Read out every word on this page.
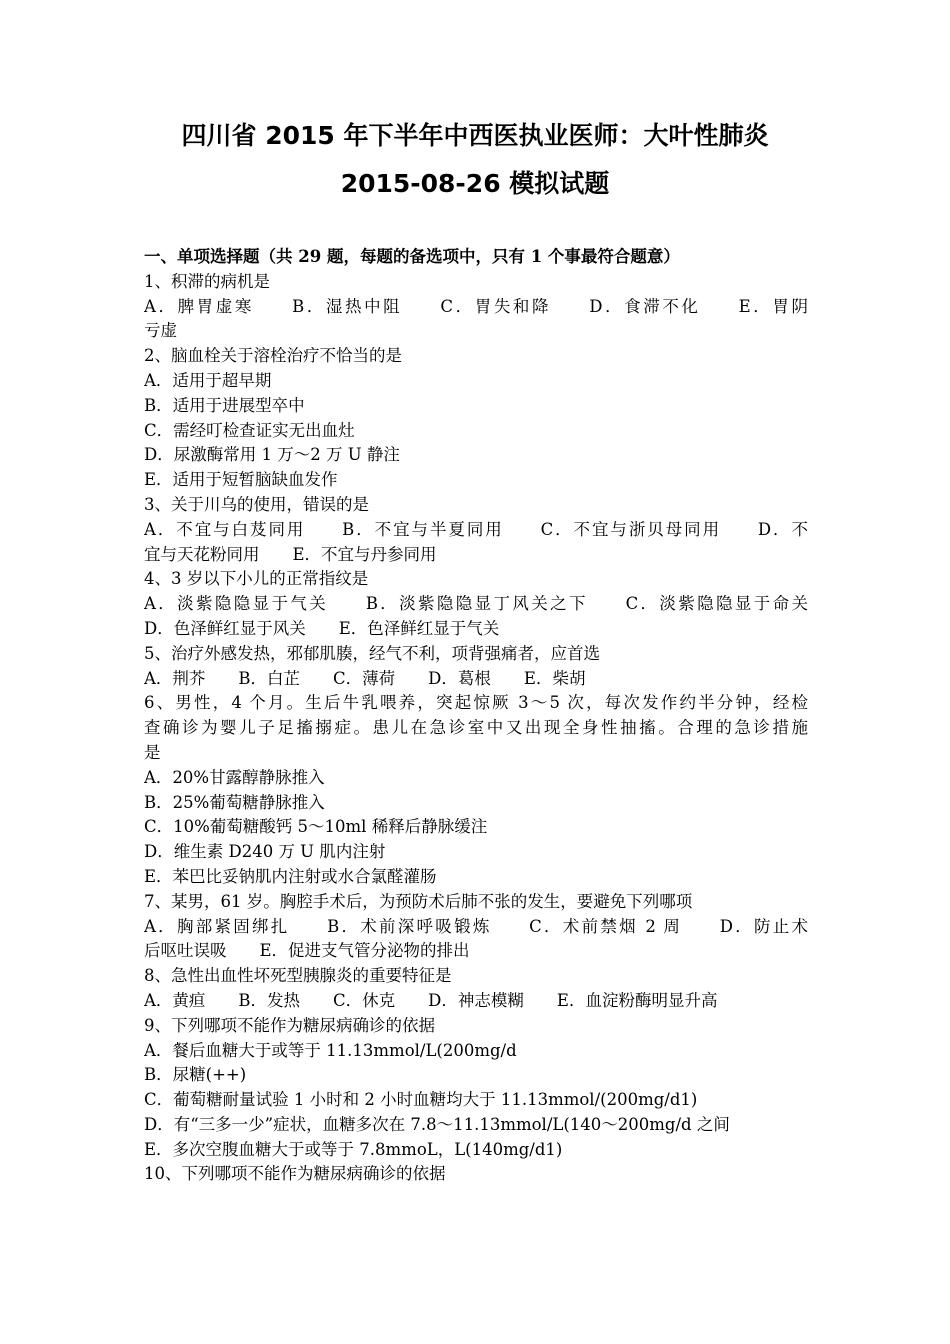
四川省 2015 年下半年中西医执业医师：大叶性肺炎
2015-08-26 模拟试题
一、单项选择题（共 29 题，每题的备选项中，只有 1 个事最符合题意）
1、积滞的病机是
A．脾胃虚寒　　B．湿热中阻　　C．胃失和降　　D．食滞不化　　E．胃阴
亏虚
2、脑血栓关于溶栓治疗不恰当的是
A．适用于超早期
B．适用于进展型卒中
C．需经叮检查证实无出血灶
D．尿激酶常用 1 万～2 万 U 静注
E．适用于短暂脑缺血发作
3、关于川乌的使用，错误的是
A．不宜与白芨同用　　B．不宜与半夏同用　　C．不宜与浙贝母同用　　D．不
宜与天花粉同用　　E．不宜与丹参同用
4、3 岁以下小儿的正常指纹是
A．淡紫隐隐显于气关　　B．淡紫隐隐显丁风关之下　　C．淡紫隐隐显于命关
D．色泽鲜红显于风关　　E．色泽鲜红显于气关
5、治疗外感发热，邪郁肌腠，经气不利，项背强痛者，应首选
A．荆芥　　B．白芷　　C．薄荷　　D．葛根　　E．柴胡
6、男性，4 个月。生后牛乳喂养，突起惊厥 3～5 次，每次发作约半分钟，经检
查确诊为婴儿子足搐搦症。患儿在急诊室中又出现全身性抽搐。合理的急诊措施
是
A．20%甘露醇静脉推入
B．25%葡萄糖静脉推入
C．10%葡萄糖酸钙 5～10ml 稀释后静脉缓注
D．维生素 D240 万 U 肌内注射
E．苯巴比妥钠肌内注射或水合氯醛灌肠
7、某男，61 岁。胸腔手术后，为预防术后肺不张的发生，要避免下列哪项
A．胸部紧固绑扎　　B．术前深呼吸锻炼　　C．术前禁烟 2 周　　D．防止术
后呕吐误吸　　E．促进支气管分泌物的排出
8、急性出血性坏死型胰腺炎的重要特征是
A．黄疸　　B．发热　　C．休克　　D．神志模糊　　E．血淀粉酶明显升高
9、下列哪项不能作为糖尿病确诊的依据
A．餐后血糖大于或等于 11.13mmol/L(200mg/d
B．尿糖(++)
C．葡萄糖耐量试验 1 小时和 2 小时血糖均大于 11.13mmol/(200mg/d1)
D．有“三多一少”症状，血糖多次在 7.8～11.13mmol/L(140～200mg/d 之间
E．多次空腹血糖大于或等于 7.8mmoL，L(140mg/d1)
10、下列哪项不能作为糖尿病确诊的依据
